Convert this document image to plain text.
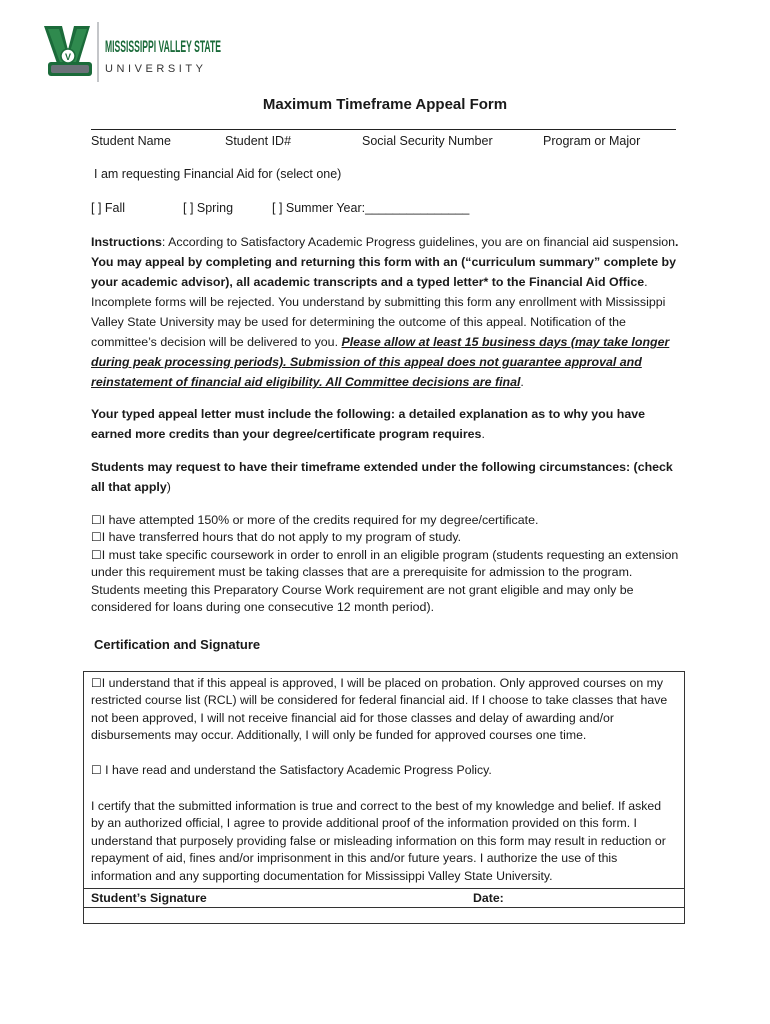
V
MISSISSIPPI VALLEY STATE
UNIVERSITY
Maximum Timeframe Appeal Form
Student Name	Student ID#	Social Security Number	Program or Major
I am requesting Financial Aid for (select one)
[ ] Fall	[ ] Spring	[ ] Summer Year:_______________
Instructions: According to Satisfactory Academic Progress guidelines, you are on financial aid suspension. You may appeal by completing and returning this form with an (“curriculum summary” complete by your academic advisor), all academic transcripts and a typed letter* to the Financial Aid Office. Incomplete forms will be rejected. You understand by submitting this form any enrollment with Mississippi Valley State University may be used for determining the outcome of this appeal. Notification of the committee’s decision will be delivered to you. Please allow at least 15 business days (may take longer during peak processing periods). Submission of this appeal does not guarantee approval and reinstatement of financial aid eligibility. All Committee decisions are final.
Your typed appeal letter must include the following: a detailed explanation as to why you have earned more credits than your degree/certificate program requires.
Students may request to have their timeframe extended under the following circumstances: (check all that apply)
☐I have attempted 150% or more of the credits required for my degree/certificate.
☐I have transferred hours that do not apply to my program of study.
☐I must take specific coursework in order to enroll in an eligible program (students requesting an extension under this requirement must be taking classes that are a prerequisite for admission to the program. Students meeting this Preparatory Course Work requirement are not grant eligible and may only be considered for loans during one consecutive 12 month period).
Certification and Signature
☐I understand that if this appeal is approved, I will be placed on probation. Only approved courses on my restricted course list (RCL) will be considered for federal financial aid. If I choose to take classes that have not been approved, I will not receive financial aid for those classes and delay of awarding and/or disbursements may occur. Additionally, I will only be funded for approved courses one time.
☐ I have read and understand the Satisfactory Academic Progress Policy.
I certify that the submitted information is true and correct to the best of my knowledge and belief. If asked by an authorized official, I agree to provide additional proof of the information provided on this form. I understand that purposely providing false or misleading information on this form may result in reduction or repayment of aid, fines and/or imprisonment in this and/or future years. I authorize the use of this information and any supporting documentation for Mississippi Valley State University.
Student’s Signature	Date:
